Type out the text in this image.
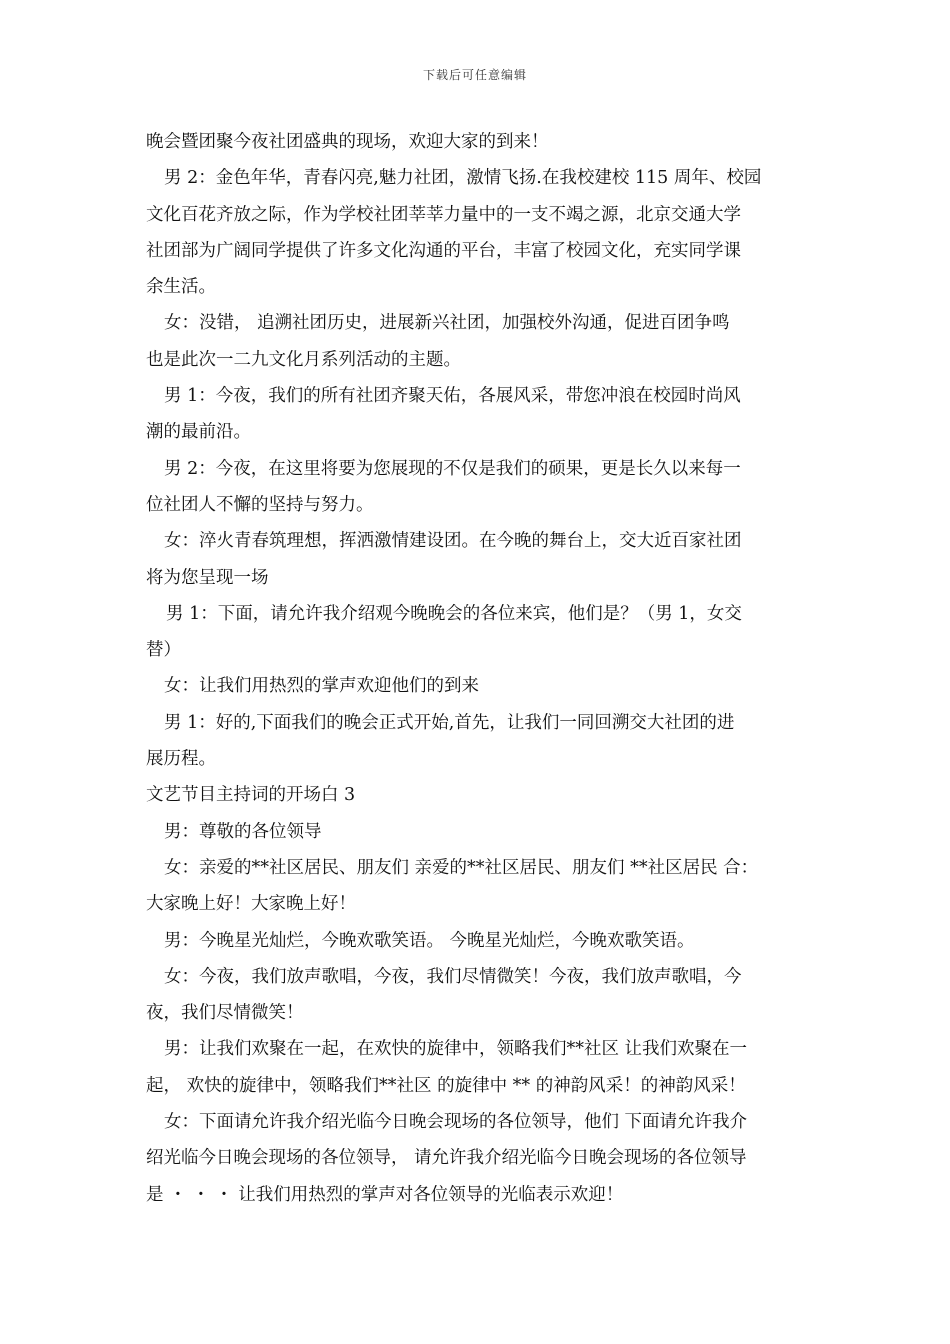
下载后可任意编辑
晚会暨团聚今夜社团盛典的现场，欢迎大家的到来！
男 2：金色年华，青春闪亮,魅力社团，激情飞扬.在我校建校 115 周年、校园
文化百花齐放之际，作为学校社团莘莘力量中的一支不竭之源，北京交通大学
社团部为广阔同学提供了许多文化沟通的平台，丰富了校园文化，充实同学课
余生活。
女：没错， 追溯社团历史，进展新兴社团，加强校外沟通，促进百团争鸣
也是此次一二九文化月系列活动的主题。
男 1：今夜，我们的所有社团齐聚天佑，各展风采，带您冲浪在校园时尚风
潮的最前沿。
男 2：今夜，在这里将要为您展现的不仅是我们的硕果，更是长久以来每一
位社团人不懈的坚持与努力。
女：淬火青春筑理想，挥洒激情建设团。在今晚的舞台上，交大近百家社团
将为您呈现一场
男 1：下面，请允许我介绍观今晚晚会的各位来宾，他们是？（男 1，女交
替）
女：让我们用热烈的掌声欢迎他们的到来
男 1：好的,下面我们的晚会正式开始,首先，让我们一同回溯交大社团的进
展历程。
文艺节目主持词的开场白 3
男：尊敬的各位领导
女：亲爱的**社区居民、朋友们 亲爱的**社区居民、朋友们 **社区居民 合：
大家晚上好！大家晚上好！
男：今晚星光灿烂，今晚欢歌笑语。 今晚星光灿烂，今晚欢歌笑语。
女：今夜，我们放声歌唱，今夜，我们尽情微笑！今夜，我们放声歌唱，今
夜，我们尽情微笑！
男：让我们欢聚在一起，在欢快的旋律中，领略我们**社区 让我们欢聚在一
起， 欢快的旋律中，领略我们**社区 的旋律中 ** 的神韵风采！的神韵风采！
女：下面请允许我介绍光临今日晚会现场的各位领导，他们 下面请允许我介
绍光临今日晚会现场的各位领导， 请允许我介绍光临今日晚会现场的各位领导
是 ・ ・ ・ 让我们用热烈的掌声对各位领导的光临表示欢迎！
